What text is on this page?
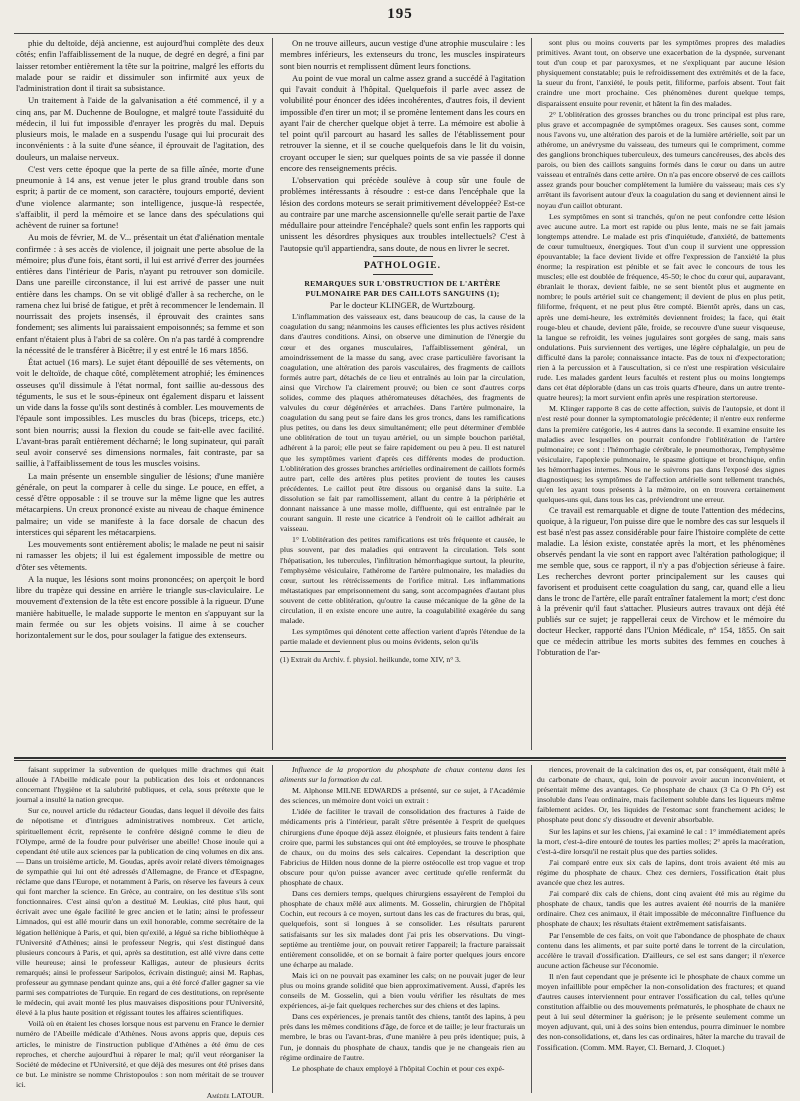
195

phie du deltoïde, déjà ancienne, est aujourd'hui complète des deux côtés; enfin l'affaiblissement de la nuque, de degré en degré, a fini par laisser retomber entièrement la tête sur la poitrine, malgré les efforts du malade pour se raidir et dissimuler son infirmité aux yeux de l'administration dont il tirait sa subsistance.

Un traitement à l'aide de la galvanisation a été commencé, il y a cinq ans, par M. Duchenne de Boulogne, et malgré toute l'assiduité du médecin, il lui fut impossible d'enrayer les progrès du mal. Depuis plusieurs mois, le malade en a suspendu l'usage qui lui procurait des inconvénients : à la suite d'une séance, il éprouvait de l'agitation, des douleurs, un malaise nerveux.

C'est vers cette époque que la perte de sa fille aînée, morte d'une pneumonie à 14 ans, est venue jeter le plus grand trouble dans son esprit; à partir de ce moment, son caractère, toujours emporté, devient d'une violence alarmante; son intelligence, jusque-là respectée, s'affaiblit, il perd la mémoire et se lance dans des spéculations qui achèvent de ruiner sa fortune!

Au mois de février, M. de V... présentait un état d'aliénation mentale confirmée : à ses accès de violence, il joignait une perte absolue de la mémoire; plus d'une fois, étant sorti, il lui est arrivé d'errer des journées entières dans l'intérieur de Paris, n'ayant pu retrouver son domicile. Dans une pareille circonstance, il lui est arrivé de passer une nuit entière dans les champs. On se vit obligé d'aller à sa recherche, on le ramena chez lui brisé de fatigue, et prêt à recommencer le lendemain. Il nourrissait des projets insensés, il éprouvait des craintes sans fondement; ses aliments lui paraissaient empoisonnés; sa femme et son enfant n'étaient plus à l'abri de sa colère. On n'a pas tardé à comprendre la nécessité de le transférer à Bicêtre; il y est entré le 16 mars 1856.

État actuel (16 mars). Le sujet étant dépouillé de ses vêtements, on voit le deltoïde, de chaque côté, complètement atrophié; les éminences osseuses qu'il dissimule à l'état normal, font saillie au-dessous des téguments, le sus et le sous-épineux ont également disparu et laissent un vide dans la fosse qu'ils sont destinés à combler. Les mouvements de l'épaule sont impossibles. Les muscles du bras (biceps, triceps, etc.) sont bien nourris; aussi la flexion du coude se fait-elle avec facilité. L'avant-bras paraît entièrement décharné; le long supinateur, qui paraît seul avoir conservé ses dimensions normales, fait contraste, par sa saillie, à l'affaiblissement de tous les muscles voisins.

La main présente un ensemble singulier de lésions; d'une manière générale, on peut la comparer à celle du singe. Le pouce, en effet, a cessé d'être opposable : il se trouve sur la même ligne que les autres métacarpiens. Un creux prononcé existe au niveau de chaque éminence palmaire; un vide se manifeste à la face dorsale de chacun des interstices qui séparent les métacarpiens.

Les mouvements sont entièrement abolis; le malade ne peut ni saisir ni ramasser les objets; il lui est également impossible de mettre ou d'ôter ses vêtements.

A la nuque, les lésions sont moins prononcées; on aperçoit le bord libre du trapèze qui dessine en arrière le triangle sus-claviculaire. Le mouvement d'extension de la tête est encore possible à la rigueur. D'une manière habituelle, le malade supporte le menton en s'appuyant sur la main fermée ou sur les objets voisins. Il aime à se coucher horizontalement sur le dos, pour soulager la fatigue des extenseurs.

On ne trouve ailleurs, aucun vestige d'une atrophie musculaire : les membres inférieurs, les extenseurs du tronc, les muscles inspirateurs sont bien nourris et remplissent dûment leurs fonctions.

Au point de vue moral un calme assez grand a succédé à l'agitation qui l'avait conduit à l'hôpital. Quelquefois il parle avec assez de volubilité pour énoncer des idées incohérentes, d'autres fois, il devient impossible d'en tirer un mot; il se promène lentement dans les cours en ayant l'air de chercher quelque objet à terre. La mémoire est abolie à tel point qu'il parcourt au hasard les salles de l'établissement pour retrouver la sienne, et il se couche quelquefois dans le lit du voisin, croyant occuper le sien; sur quelques points de sa vie passée il donne encore des renseignements précis.

L'observation qui précède soulève à coup sûr une foule de problèmes intéressants à résoudre : est-ce dans l'encéphale que la lésion des cordons moteurs se serait primitivement développée? Est-ce au contraire par une marche ascensionnelle qu'elle serait partie de l'axe médullaire pour atteindre l'encéphale? quels sont enfin les rapports qui unissent les désordres physiques aux troubles intellectuels? C'est à l'autopsie qu'il appartiendra, sans doute, de nous en livrer le secret.

PATHOLOGIE.

REMARQUES SUR L'OBSTRUCTION DE L'ARTÈRE PULMONAIRE PAR DES CAILLOTS SANGUINS (1);

Par le docteur KLINGER, de Wurtzbourg.

L'inflammation des vaisseaux est, dans beaucoup de cas, la cause de la coagulation du sang; néanmoins les causes efficientes les plus actives résident dans d'autres conditions. Ainsi, on observe une diminution de l'énergie du cœur et des organes musculaires, l'affaiblissement général, un amoindrissement de la masse du sang, avec crase particulière favorisant la coagulation, une altération des parois vasculaires, des fragments de caillots formés autre part, détachés de ce lieu et entraînés au loin par la circulation, ainsi que Virchow l'a clairement prouvé; ou bien ce sont d'autres corps solides, comme des plaques athéromateuses détachées, des fragments de valvules du cœur dégénérées et arrachées. Dans l'artère pulmonaire, la coagulation du sang peut se faire dans les gros troncs, dans les ramifications plus petites, ou dans les deux simultanément; elle peut déterminer d'emblée une oblitération de tout un tuyau artériel, ou un simple bouchon pariétal, adhérent à la paroi; elle peut se faire rapidement ou peu à peu. Il est naturel que les symptômes varient d'après ces différents modes de production. L'oblitération des grosses branches artérielles ordinairement de caillots formés autre part, celle des artères plus petites provient de toutes les causes précédentes. Le caillot peut être dissous ou organisé dans la suite. La dissolution se fait par ramollissement, allant du centre à la périphérie et donnant naissance à une masse molle, diffluente, qui est entraînée par le courant sanguin. Il reste une cicatrice à l'endroit où le caillot adhérait au vaisseau.

1° L'oblitération des petites ramifications est très fréquente et causée, le plus souvent, par des maladies qui entravent la circulation. Tels sont l'hépatisation, les tubercules, l'infiltration hémorrhagique surtout, la pleurite, l'emphysème vésiculaire, l'athérome de l'artère pulmonaire, les maladies du cœur, surtout les rétrécissements de l'orifice mitral. Les inflammations métastatiques par emprisonnement du sang, sont accompagnées d'autant plus souvent de cette oblitération, qu'outre la cause mécanique de la gêne de la circulation, il en existe encore une autre, la coagulabilité exagérée du sang malade.

Les symptômes qui dénotent cette affection varient d'après l'étendue de la partie malade et deviennent plus ou moins évidents, selon qu'ils

(1) Extrait du Archiv. f. physiol. heilkunde, tome XIV, n° 3.

sont plus ou moins couverts par les symptômes propres des maladies primitives. Avant tout, on observe une exacerbation de la dyspnée, survenant tout d'un coup et par paroxysmes, et ne s'expliquant par aucune lésion physiquement constatable; puis le refroidissement des extrémités et de la face, la sueur du front, l'anxiété, le pouls petit, filiforme, parfois absent. Tout fait craindre une mort prochaine. Ces phénomènes durent quelque temps, disparaissent ensuite pour revenir, et hâtent la fin des malades.

2° L'oblitération des grosses branches ou du tronc principal est plus rare, plus grave et accompagnée de symptômes orageux. Ses causes sont, comme nous l'avons vu, une altération des parois et de la lumière artérielle, soit par un athérome, un anévrysme du vaisseau, des tumeurs qui le compriment, comme des ganglions bronchiques tuberculeux, des tumeurs cancéreuses, des abcès des parois, ou bien des caillots sanguins formés dans le cœur ou dans un autre vaisseau et entraînés dans cette artère. On n'a pas encore observé de ces caillots assez grands pour boucher complètement la lumière du vaisseau; mais ces s'y arrêtant ils favorisent autour d'eux la coagulation du sang et deviennent ainsi le noyau d'un caillot obturant.

Les symptômes en sont si tranchés, qu'on ne peut confondre cette lésion avec aucune autre. La mort est rapide ou plus lente, mais ne se fait jamais longtemps attendre. Le malade est pris d'inquiétude, d'anxiété, de battements de cœur tumultueux, énergiques. Tout d'un coup il survient une oppression épouvantable; la face devient livide et offre l'expression de l'anxiété la plus énorme; la respiration est pénible et se fait avec le concours de tous les muscles; elle est doublée de fréquence, 45-50; le choc du cœur qui, auparavant, ébranlait le thorax, devient faible, ne se sent bientôt plus et augmente en nombre; le pouls artériel suit ce changement; il devient de plus en plus petit, filiforme, fréquent, et ne peut plus être compté. Bientôt après, dans un cas, après une demi-heure, les extrémités deviennent froides; la face, qui était rouge-bleu et chaude, devient pâle, froide, se recouvre d'une sueur visqueuse, la langue se refroidit, les veines jugulaires sont gorgées de sang, mais sans ondulations. Puis surviennent des vertiges, une légère céphalalgie, un peu de difficulté dans la parole; connaissance intacte. Pas de toux ni d'expectoration; rien à la percussion et à l'auscultation, si ce n'est une respiration vésiculaire rude. Les malades gardent leurs facultés et restent plus ou moins longtemps dans cet état déplorable (dans un cas trois quarts d'heure, dans un autre trente-quatre heures); la mort survient enfin après une respiration stertoreuse.

M. Klinger rapporte 8 cas de cette affection, suivis de l'autopsie, et dont il n'est resté pour donner la symptomatologie précédente; il n'entre eux renferme dans la première catégorie, les 4 autres dans la seconde. Il examine ensuite les maladies avec lesquelles on pourrait confondre l'oblitération de l'artère pulmonaire; ce sont : l'hémorrhagie cérébrale, le pneumothorax, l'emphysème vésiculaire, l'apoplexie pulmonaire, le spasme glottique et bronchique, enfin les hémorrhagies internes. Nous ne le suivrons pas dans l'exposé des signes diagnostiques; les symptômes de l'affection artérielle sont tellement tranchés, qu'en les ayant tous présents à la mémoire, on en trouvera certainement quelques-uns qui, dans tous les cas, préviendront une erreur.

Ce travail est remarquable et digne de toute l'attention des médecins, quoique, à la rigueur, l'on puisse dire que le nombre des cas sur lesquels il est basé n'est pas assez considérable pour faire l'histoire complète de cette maladie. La lésion existe, constatée après la mort, et les phénomènes observés pendant la vie sont en rapport avec l'altération pathologique; il me semble que, sous ce rapport, il n'y a pas d'objection sérieuse à faire. Les recherches devront porter principalement sur les causes qui favorisent et produisent cette coagulation du sang, car, quand elle a lieu dans le tronc de l'artère, elle paraît entraîner fatalement la mort; c'est donc à la prévenir qu'il faut s'attacher. Plusieurs autres travaux ont déjà été publiés sur ce sujet; je rappellerai ceux de Virchow et le mémoire du docteur Hecker, rapporté dans l'Union Médicale, n° 154, 1855. On sait que ce médecin attribue les morts subites des femmes en couches à l'obturation de l'ar-

faisant supprimer la subvention de quelques mille drachmes qui était allouée à l'Abeille médicale pour la publication des lois et ordonnances concernant l'hygiène et la salubrité publiques, et cela, sous prétexte que le journal a insulté la nation grecque.

Sur ce, nouvel article du rédacteur Goudas, dans lequel il dévoile des faits de népotisme et d'intrigues administratives nombreux. Cet article, spirituellement écrit, représente le confrère désigné comme le dieu de l'Olympe, armé de la foudre pour pulvériser une abeille! Chose inouïe qui a cependant été utile aux sciences par la publication de cinq volumes en dix ans. — Dans un troisième article, M. Goudas, après avoir relaté divers témoignages de sympathie qui lui ont été adressés d'Allemagne, de France et d'Espagne, réclame que dans l'Europe, et notamment à Paris, on réserve les faveurs à ceux qui font marcher la science. En Grèce, au contraire, on les destitue s'ils sont fonctionnaires. C'est ainsi qu'on a destitué M. Leukias, cité plus haut, qui écrivait avec une égale facilité le grec ancien et le latin; ainsi le professeur Limnados, qui est allé mourir dans un exil honorable, comme secrétaire de la légation hellénique à Paris, et qui, bien qu'exilé, a légué sa riche bibliothèque à l'Université d'Athènes; ainsi le professeur Negris, qui s'est distingué dans plusieurs concours à Paris, et qui, après sa destitution, est allé vivre dans cette ville heureuse; ainsi le professeur Kalligas, auteur de plusieurs écrits remarqués; ainsi le professeur Saripolos, écrivain distingué; ainsi M. Raphas, professeur au gymnase pendant quinze ans, qui a été forcé d'aller gagner sa vie parmi ses compatriotes de Turquie. En regard de ces destitutions, on représente le médecin, qui avait monté les plus mauvaises dispositions pour l'Université, élevé à la plus haute position et régissant toutes les affaires scientifiques.

Voilà où en étaient les choses lorsque nous est parvenu en France le dernier numéro de l'Abeille médicale d'Athènes. Nous avons appris que, depuis ces articles, le ministre de l'instruction publique d'Athènes a été ému de ces reproches, et cherche aujourd'hui à réparer le mal; qu'il veut réorganiser la Société de médecine et l'Université, et que déjà des mesures ont été prises dans ce but. Le ministre se nomme Christopoulos : son nom méritait de se trouver ici.

Amédée LATOUR.

Influence de la proportion du phosphate de chaux contenu dans les aliments sur la formation du cal.

M. Alphonse MILNE EDWARDS a présenté, sur ce sujet, à l'Académie des sciences, un mémoire dont voici un extrait :

L'idée de faciliter le travail de consolidation des fractures à l'aide de médicaments pris à l'intérieur, paraît s'être présentée à l'esprit de quelques chirurgiens d'une époque déjà assez éloignée, et plusieurs faits tendent à faire croire que, parmi les substances qui ont été employées, se trouve le phosphate de chaux, ou du moins des sels calcaires. Cependant la description que Fabricius de Hilden nous donne de la pierre ostéocolle est trop vague et trop obscure pour qu'on puisse avancer avec certitude qu'elle renfermât du phosphate de chaux.

Dans ces derniers temps, quelques chirurgiens essayèrent de l'emploi du phosphate de chaux mêlé aux aliments. M. Gosselin, chirurgien de l'hôpital Cochin, eut recours à ce moyen, surtout dans les cas de fractures du bras, qui, quelquefois, sont si longues à se consolider. Les résultats parurent satisfaisants sur les six malades dont j'ai pris les observations. Du vingt-septième au trentième jour, on pouvait retirer l'appareil; la fracture paraissait entièrement consolidée, et on se bornait à faire porter quelques jours encore une écharpe au malade.

Mais ici on ne pouvait pas examiner les cals; on ne pouvait juger de leur plus ou moins grande solidité que bien approximativement. Aussi, d'après les conseils de M. Gosselin, qui a bien voulu vérifier les résultats de mes expériences, ai-je fait quelques recherches sur des chiens et des lapins.

Dans ces expériences, je prenais tantôt des chiens, tantôt des lapins, à peu près dans les mêmes conditions d'âge, de force et de taille; je leur fracturais un membre, le bras ou l'avant-bras, d'une manière à peu près identique; puis, à l'un, je donnais du phosphate de chaux, tandis que je ne changeais rien au régime ordinaire de l'autre.

Le phosphate de chaux employé à l'hôpital Cochin et pour ces expé-

riences, provenait de la calcination des os, et, par conséquent, était mêlé à du carbonate de chaux, qui, loin de pouvoir avoir aucun inconvénient, et présentait même des avantages. Ce phosphate de chaux (3 Ca O Ph O⁵) est insoluble dans l'eau ordinaire, mais facilement soluble dans les liqueurs même faiblement acides. Or, les liquides de l'estomac sont franchement acides; le phosphate peut donc s'y dissoudre et devenir absorbable.

Sur les lapins et sur les chiens, j'ai examiné le cal : 1° immédiatement après la mort, c'est-à-dire entouré de toutes les parties molles; 2° après la macération, c'est-à-dire lorsqu'il ne restait plus que des parties solides.

J'ai comparé entre eux six cals de lapins, dont trois avaient été mis au régime du phosphate de chaux. Chez ces derniers, l'ossification était plus avancée que chez les autres.

J'ai comparé dix cals de chiens, dont cinq avaient été mis au régime du phosphate de chaux, tandis que les autres avaient été nourris de la manière ordinaire. Chez ces animaux, il était impossible de méconnaître l'influence du phosphate de chaux; les résultats étaient extrêmement satisfaisants.

Par l'ensemble de ces faits, on voit que l'abondance de phosphate de chaux contenu dans les aliments, et par suite porté dans le torrent de la circulation, accélère le travail d'ossification. D'ailleurs, ce sel est sans danger; il n'exerce aucune action fâcheuse sur l'économie.

Il n'en faut cependant que je présente ici le phosphate de chaux comme un moyen infaillible pour empêcher la non-consolidation des fractures; et quand d'autres causes interviennent pour entraver l'ossification du cal, telles qu'une constitution affaiblie ou des mouvements prématurés, le phosphate de chaux ne peut à lui seul déterminer la guérison; je le présente seulement comme un moyen adjuvant, qui, uni à des soins bien entendus, pourra diminuer le nombre des non-consolidations, et, dans les cas ordinaires, hâter la marche du travail de l'ossification. (Comm. MM. Rayer, Cl. Bernard, J. Cloquet.)
